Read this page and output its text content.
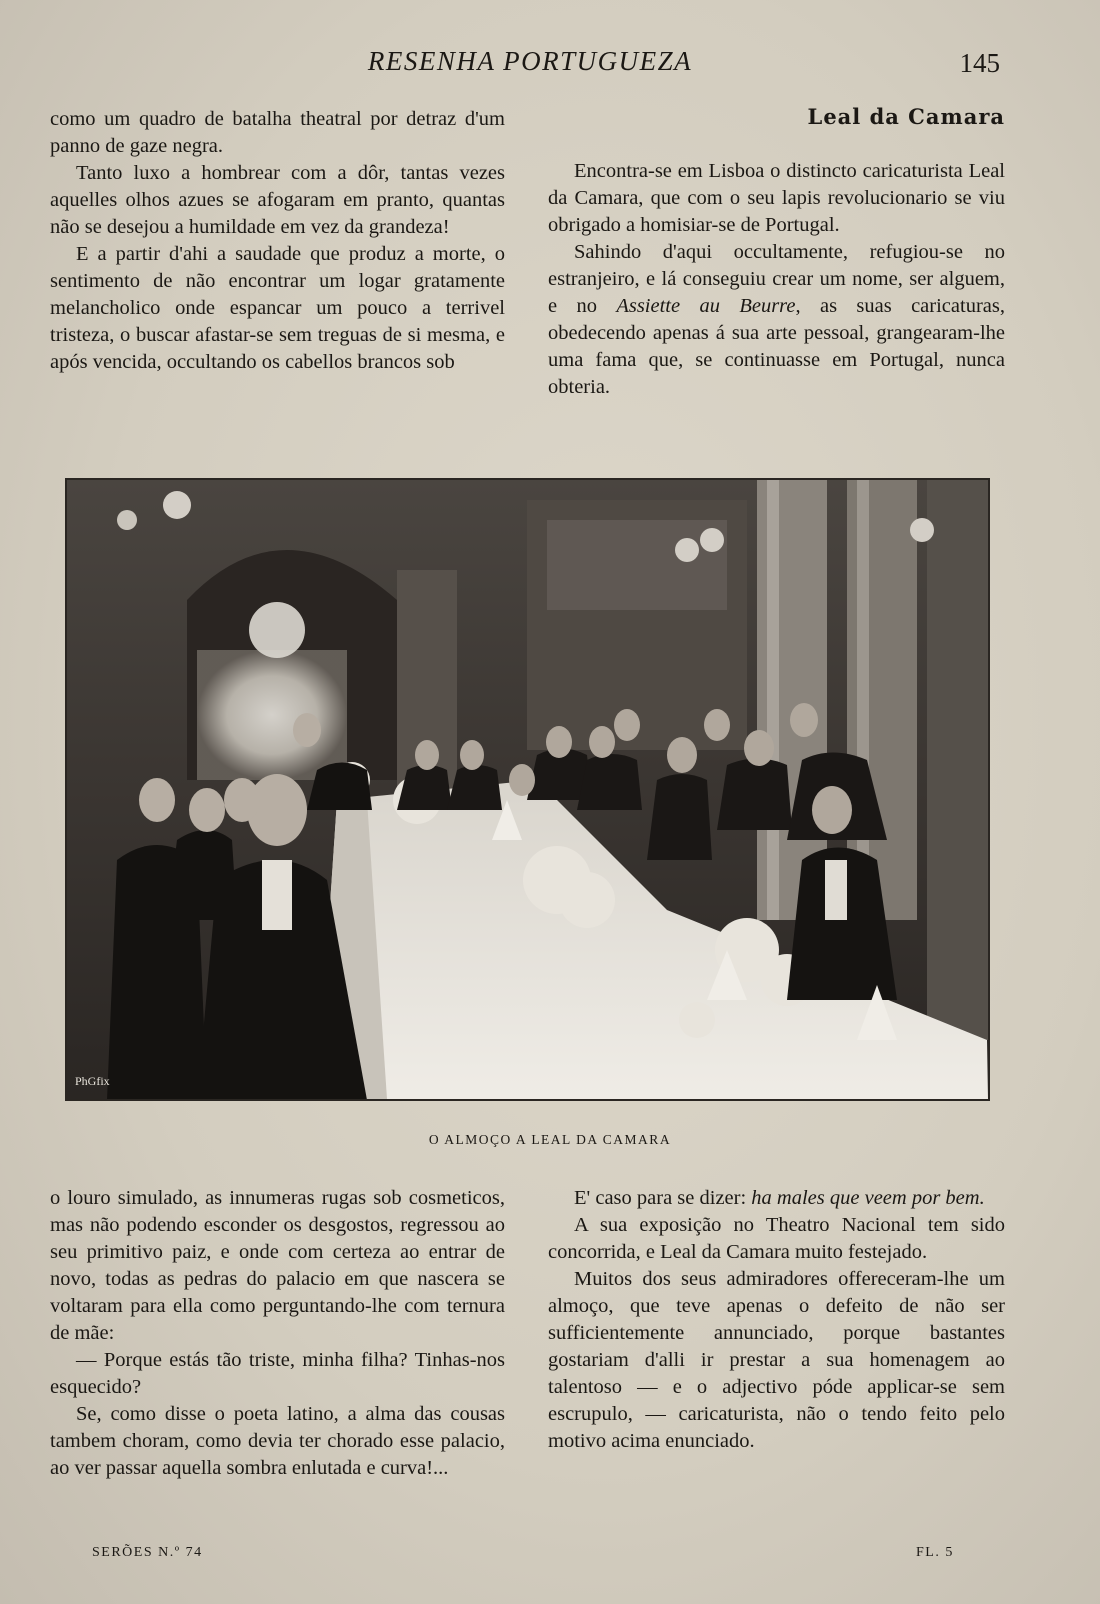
RESENHA PORTUGUEZA	145

como um quadro de batalha theatral por detraz d'um panno de gaze negra.

Tanto luxo a hombrear com a dôr, tantas vezes aquelles olhos azues se afogaram em pranto, quantas não se desejou a humildade em vez da grandeza!

E a partir d'ahi a saudade que produz a morte, o sentimento de não encontrar um logar gratamente melancholico onde espancar um pouco a terrivel tristeza, o buscar afastar-se sem treguas de si mesma, e após vencida, occultando os cabellos brancos sob

Leal da Camara

Encontra-se em Lisboa o distincto caricaturista Leal da Camara, que com o seu lapis revolucionario se viu obrigado a homisiar-se de Portugal.

Sahindo d'aqui occultamente, refugiou-se no estranjeiro, e lá conseguiu crear um nome, ser alguem, e no Assiette au Beurre, as suas caricaturas, obedecendo apenas á sua arte pessoal, grangearam-lhe uma fama que, se continuasse em Portugal, nunca obteria.

PhGfix
O ALMOÇO A LEAL DA CAMARA

o louro simulado, as innumeras rugas sob cosmeticos, mas não podendo esconder os desgostos, regressou ao seu primitivo paiz, e onde com certeza ao entrar de novo, todas as pedras do palacio em que nascera se voltaram para ella como perguntando-lhe com ternura de mãe:

— Porque estás tão triste, minha filha? Tinhas-nos esquecido?

Se, como disse o poeta latino, a alma das cousas tambem choram, como devia ter chorado esse palacio, ao ver passar aquella sombra enlutada e curva!...

E' caso para se dizer: ha males que veem por bem.

A sua exposição no Theatro Nacional tem sido concorrida, e Leal da Camara muito festejado.

Muitos dos seus admiradores offereceram-lhe um almoço, que teve apenas o defeito de não ser sufficientemente annunciado, porque bastantes gostariam d'alli ir prestar a sua homenagem ao talentoso — e o adjectivo póde applicar-se sem escrupulo, — caricaturista, não o tendo feito pelo motivo acima enunciado.

SERÕES N.º 74	FL. 5
